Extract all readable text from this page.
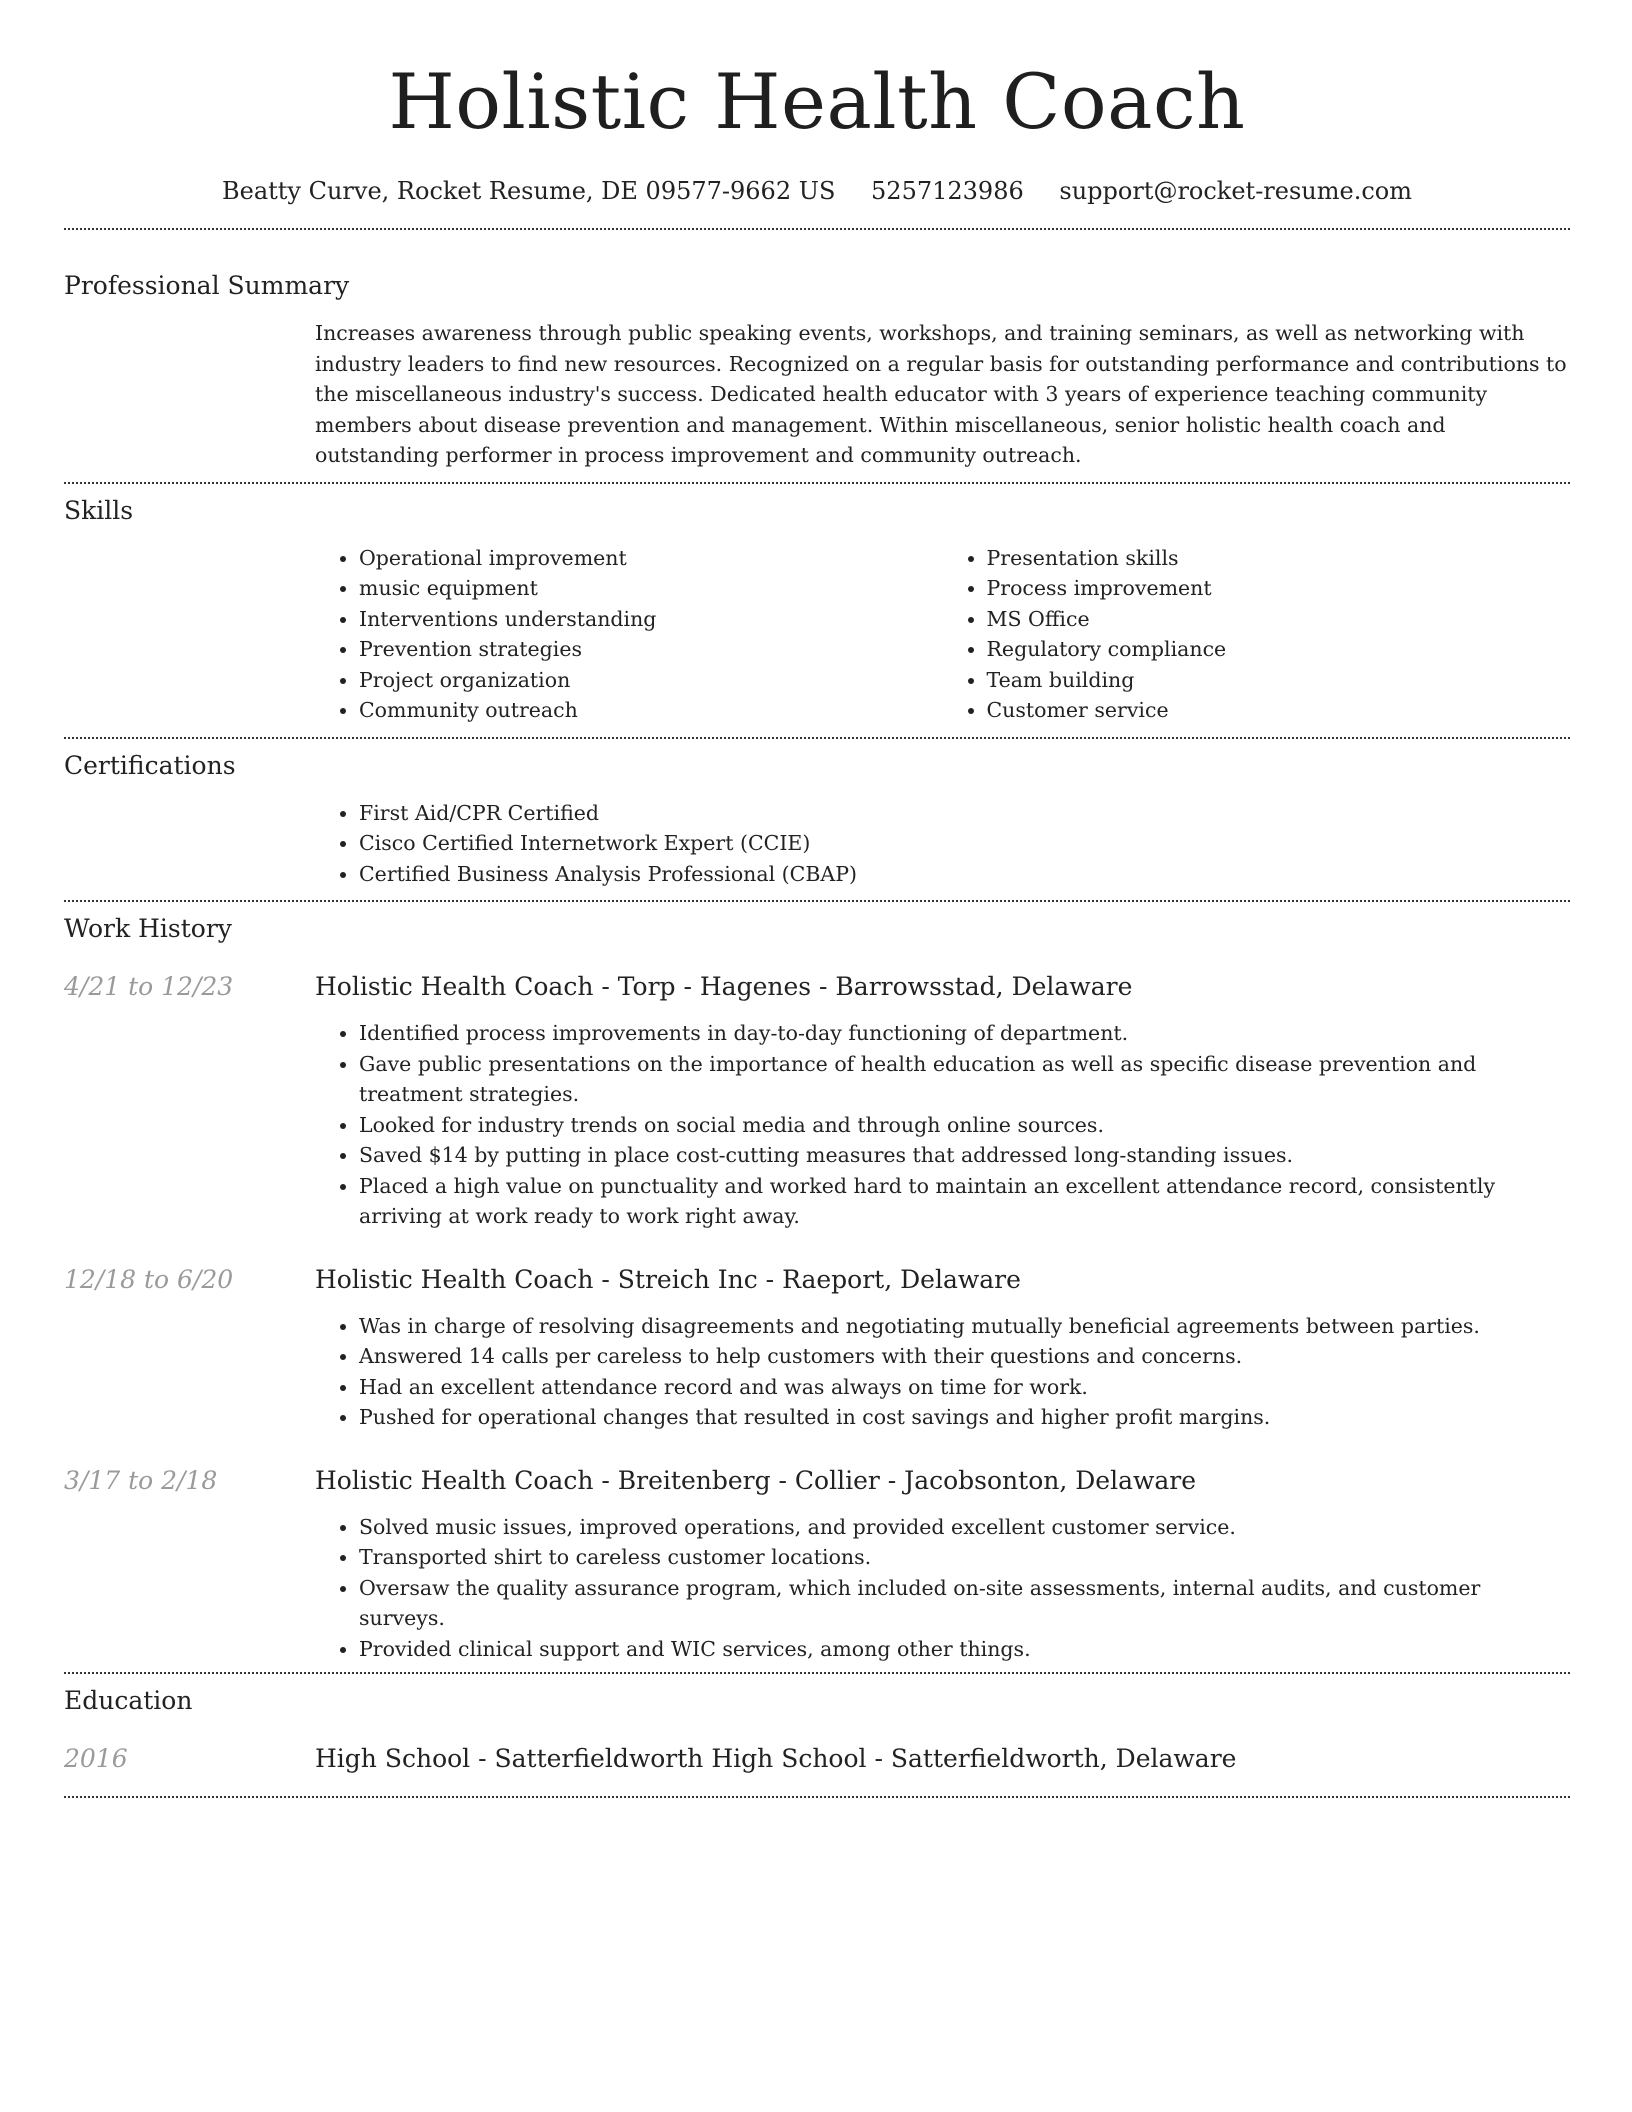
Holistic Health Coach
Beatty Curve, Rocket Resume, DE 09577-9662 US 5257123986 support@rocket-resume.com
Professional Summary
Increases awareness through public speaking events, workshops, and training seminars, as well as networking with industry leaders to find new resources. Recognized on a regular basis for outstanding performance and contributions to the miscellaneous industry's success. Dedicated health educator with 3 years of experience teaching community members about disease prevention and management. Within miscellaneous, senior holistic health coach and outstanding performer in process improvement and community outreach.
Skills
• Operational improvement
• music equipment
• Interventions understanding
• Prevention strategies
• Project organization
• Community outreach
• Presentation skills
• Process improvement
• MS Office
• Regulatory compliance
• Team building
• Customer service
Certifications
• First Aid/CPR Certified
• Cisco Certified Internetwork Expert (CCIE)
• Certified Business Analysis Professional (CBAP)
Work History
4/21 to 12/23	Holistic Health Coach - Torp - Hagenes - Barrowsstad, Delaware
• Identified process improvements in day-to-day functioning of department.
• Gave public presentations on the importance of health education as well as specific disease prevention and treatment strategies.
• Looked for industry trends on social media and through online sources.
• Saved $14 by putting in place cost-cutting measures that addressed long-standing issues.
• Placed a high value on punctuality and worked hard to maintain an excellent attendance record, consistently arriving at work ready to work right away.
12/18 to 6/20	Holistic Health Coach - Streich Inc - Raeport, Delaware
• Was in charge of resolving disagreements and negotiating mutually beneficial agreements between parties.
• Answered 14 calls per careless to help customers with their questions and concerns.
• Had an excellent attendance record and was always on time for work.
• Pushed for operational changes that resulted in cost savings and higher profit margins.
3/17 to 2/18	Holistic Health Coach - Breitenberg - Collier - Jacobsonton, Delaware
• Solved music issues, improved operations, and provided excellent customer service.
• Transported shirt to careless customer locations.
• Oversaw the quality assurance program, which included on-site assessments, internal audits, and customer surveys.
• Provided clinical support and WIC services, among other things.
Education
2016	High School - Satterfieldworth High School - Satterfieldworth, Delaware
